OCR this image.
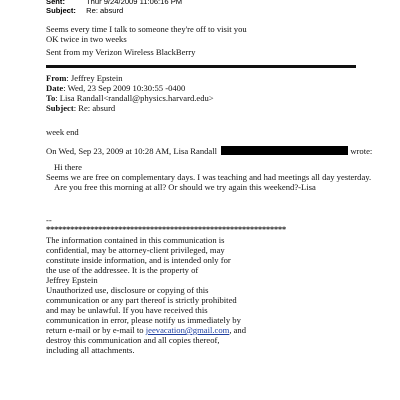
Sent:	Thur 9/24/2009 11:06:16 PM
Subject: Re: absurd
Seems every time I talk to someone they're off to visit you
OK twice in two weeks
Sent from my Verizon Wireless BlackBerry
From: Jeffrey Epstein
Date: Wed, 23 Sep 2009 10:30:55 -0400
To: Lisa Randall<randall@physics.harvard.edu>
Subject: Re: absurd
week end
On Wed, Sep 23, 2009 at 10:28 AM, Lisa Randall	wrote:
Hi there
Seems we are free on complementary days. I was teaching and had meetings all day yesterday.
Are you free this morning at all? Or should we try again this weekend?-Lisa
--
************************************************************
The information contained in this communication is
confidential, may be attorney-client privileged, may
constitute inside information, and is intended only for
the use of the addressee. It is the property of
Jeffrey Epstein
Unauthorized use, disclosure or copying of this
communication or any part thereof is strictly prohibited
and may be unlawful. If you have received this
communication in error, please notify us immediately by
return e-mail or by e-mail to jeevacation@gmail.com, and
destroy this communication and all copies thereof,
including all attachments.
